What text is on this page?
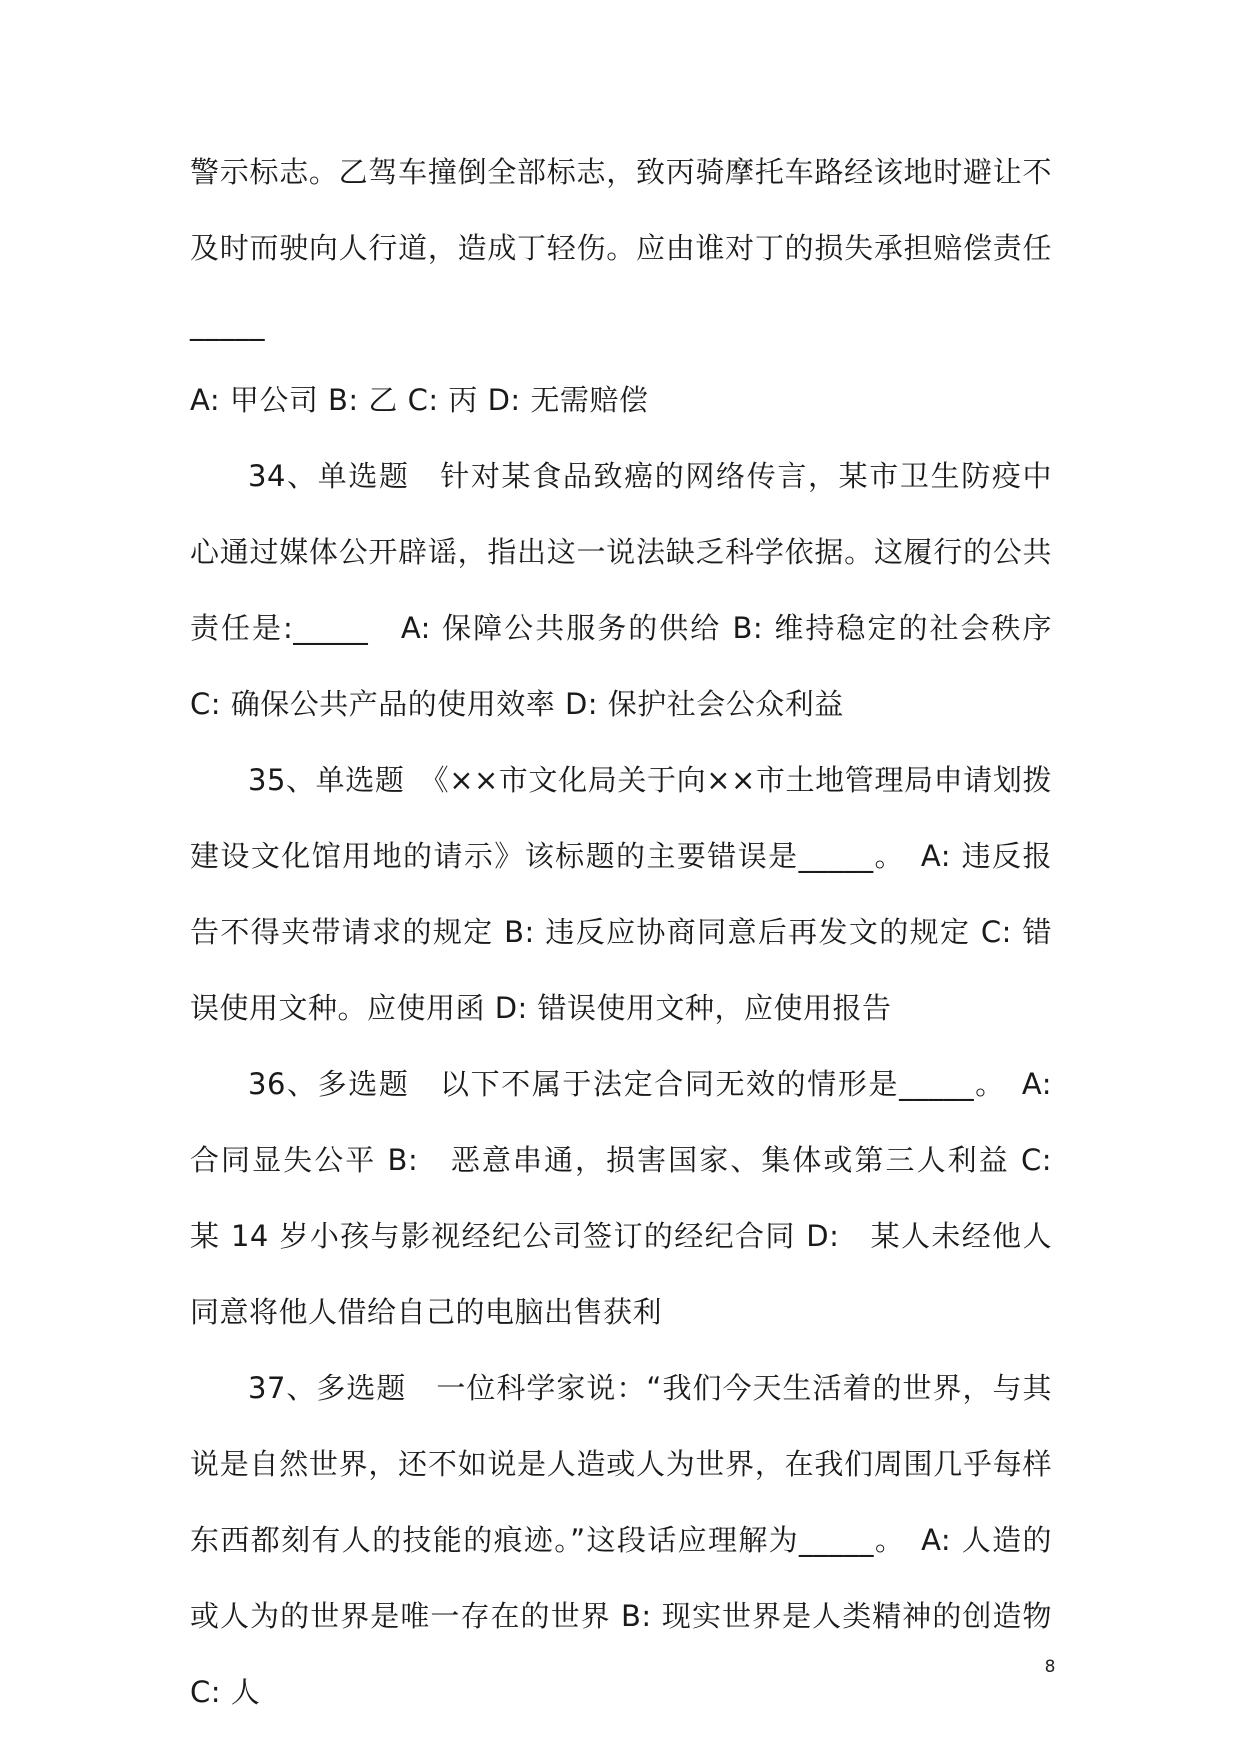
警示标志。乙驾车撞倒全部标志，致丙骑摩托车路经该地时避让不及时而驶向人行道，造成丁轻伤。应由谁对丁的损失承担赔偿责任_____

A: 甲公司 B: 乙 C: 丙 D: 无需赔偿

34、单选题　针对某食品致癌的网络传言，某市卫生防疫中心通过媒体公开辟谣，指出这一说法缺乏科学依据。这履行的公共责任是:_____　A: 保障公共服务的供给 B: 维持稳定的社会秩序 C: 确保公共产品的使用效率 D: 保护社会公众利益

35、单选题　《××市文化局关于向××市土地管理局申请划拨建设文化馆用地的请示》该标题的主要错误是_____。　A: 违反报告不得夹带请求的规定 B: 违反应协商同意后再发文的规定 C: 错误使用文种。应使用函 D: 错误使用文种，应使用报告

36、多选题　以下不属于法定合同无效的情形是_____。　A: 合同显失公平 B:　恶意串通，损害国家、集体或第三人利益 C:　某 14 岁小孩与影视经纪公司签订的经纪合同 D:　某人未经他人同意将他人借给自己的电脑出售获利

37、多选题　一位科学家说：“我们今天生活着的世界，与其说是自然世界，还不如说是人造或人为世界，在我们周围几乎每样东西都刻有人的技能的痕迹。”这段话应理解为_____。　A: 人造的或人为的世界是唯一存在的世界 B: 现实世界是人类精神的创造物 C: 人

8
